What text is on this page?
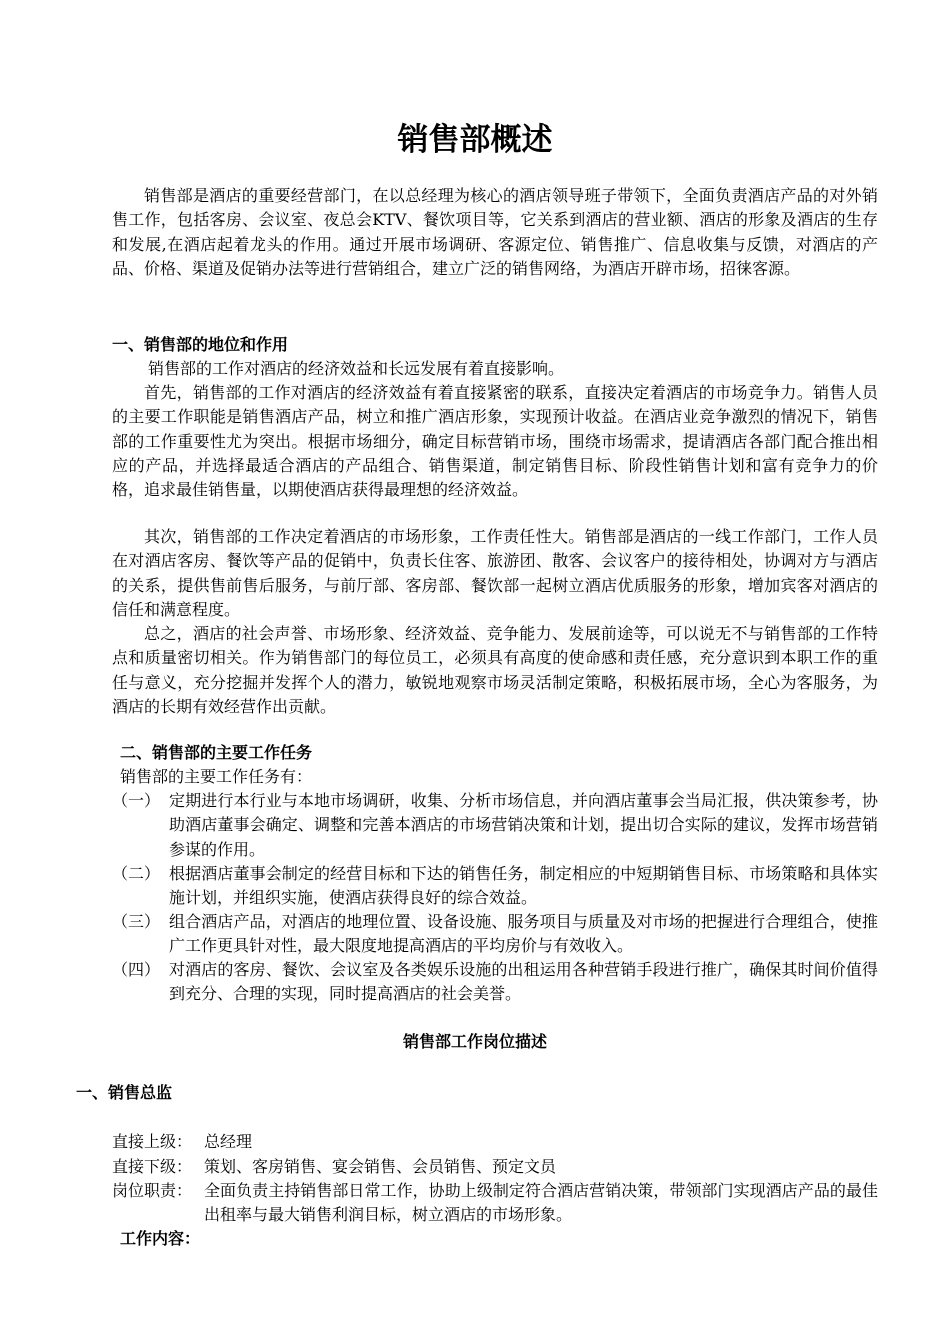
销售部概述

销售部是酒店的重要经营部门，在以总经理为核心的酒店领导班子带领下，全面负责酒店产品的对外销售工作，包括客房、会议室、夜总会KTV、餐饮项目等，它关系到酒店的营业额、酒店的形象及酒店的生存和发展,在酒店起着龙头的作用。通过开展市场调研、客源定位、销售推广、信息收集与反馈，对酒店的产品、价格、渠道及促销办法等进行营销组合，建立广泛的销售网络，为酒店开辟市场，招徕客源。

一、销售部的地位和作用

销售部的工作对酒店的经济效益和长远发展有着直接影响。

首先，销售部的工作对酒店的经济效益有着直接紧密的联系，直接决定着酒店的市场竞争力。销售人员的主要工作职能是销售酒店产品，树立和推广酒店形象，实现预计收益。在酒店业竞争激烈的情况下，销售部的工作重要性尤为突出。根据市场细分，确定目标营销市场，围绕市场需求，提请酒店各部门配合推出相应的产品，并选择最适合酒店的产品组合、销售渠道，制定销售目标、阶段性销售计划和富有竞争力的价格，追求最佳销售量，以期使酒店获得最理想的经济效益。

其次，销售部的工作决定着酒店的市场形象，工作责任性大。销售部是酒店的一线工作部门，工作人员在对酒店客房、餐饮等产品的促销中，负责长住客、旅游团、散客、会议客户的接待相处，协调对方与酒店的关系，提供售前售后服务，与前厅部、客房部、餐饮部一起树立酒店优质服务的形象，增加宾客对酒店的信任和满意程度。

总之，酒店的社会声誉、市场形象、经济效益、竞争能力、发展前途等，可以说无不与销售部的工作特点和质量密切相关。作为销售部门的每位员工，必须具有高度的使命感和责任感，充分意识到本职工作的重任与意义，充分挖掘并发挥个人的潜力，敏锐地观察市场灵活制定策略，积极拓展市场，全心为客服务，为酒店的长期有效经营作出贡献。

二、销售部的主要工作任务

销售部的主要工作任务有：

（一） 定期进行本行业与本地市场调研，收集、分析市场信息，并向酒店董事会当局汇报，供决策参考，协助酒店董事会确定、调整和完善本酒店的市场营销决策和计划，提出切合实际的建议，发挥市场营销参谋的作用。
（二） 根据酒店董事会制定的经营目标和下达的销售任务，制定相应的中短期销售目标、市场策略和具体实施计划，并组织实施，使酒店获得良好的综合效益。
（三） 组合酒店产品，对酒店的地理位置、设备设施、服务项目与质量及对市场的把握进行合理组合，使推广工作更具针对性，最大限度地提高酒店的平均房价与有效收入。
（四） 对酒店的客房、餐饮、会议室及各类娱乐设施的出租运用各种营销手段进行推广，确保其时间价值得到充分、合理的实现，同时提高酒店的社会美誉。

销售部工作岗位描述

一、销售总监

直接上级： 总经理
直接下级： 策划、客房销售、宴会销售、会员销售、预定文员
岗位职责： 全面负责主持销售部日常工作，协助上级制定符合酒店营销决策，带领部门实现酒店产品的最佳出租率与最大销售利润目标，树立酒店的市场形象。

工作内容：
